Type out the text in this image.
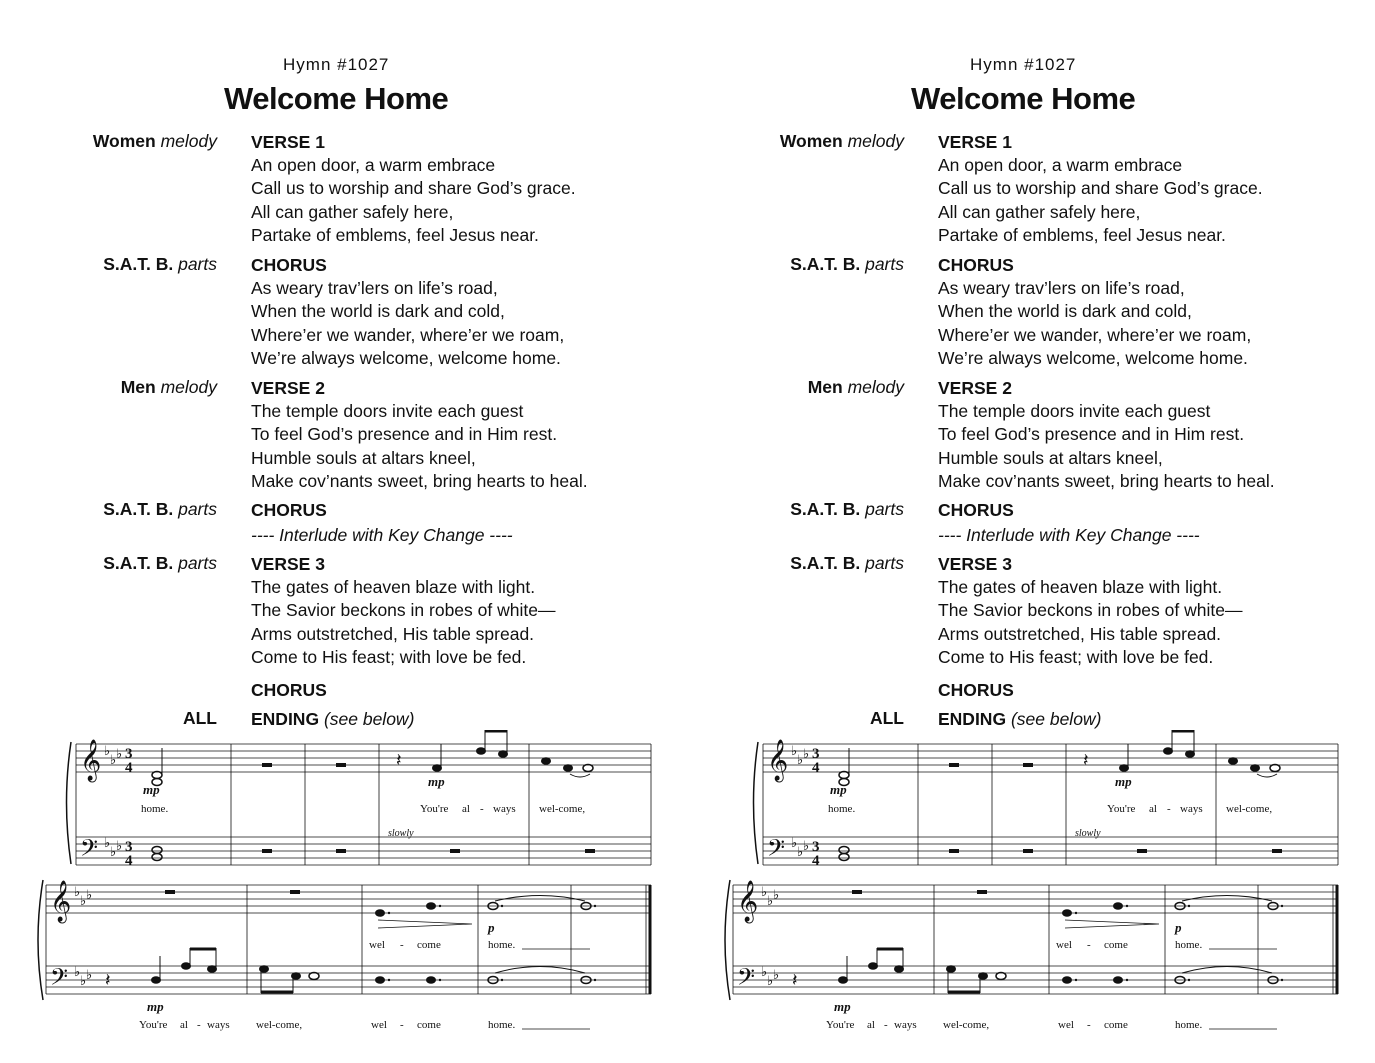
Hymn #1027
Welcome Home
Women melody VERSE 1
An open door, a warm embrace
Call us to worship and share God’s grace.
All can gather safely here,
Partake of emblems, feel Jesus near.
S.A.T. B. parts CHORUS
As weary trav’lers on life’s road,
When the world is dark and cold,
Where’er we wander, where’er we roam,
We’re always welcome, welcome home.
Men melody VERSE 2
The temple doors invite each guest
To feel God’s presence and in Him rest.
Humble souls at altars kneel,
Make cov’nants sweet, bring hearts to heal.
S.A.T. B. parts CHORUS
---- Interlude with Key Change ----
S.A.T. B. parts VERSE 3
The gates of heaven blaze with light.
The Savior beckons in robes of white—
Arms outstretched, His table spread.
Come to His feast; with love be fed.
CHORUS
ALL ENDING (see below)
𝄞
𝄢
♭
♭ ♭
♭
♭ ♭
3
4
3
4
𝄽
mp
mp
home.	You're al - ways wel-come,
slowly
𝄞
𝄢
♭
♭ ♭
♭
♭ ♭
p
wel - come	home.
𝄽
mp
You're al - ways wel-come,	wel - come	home.
Hymn #1027
Welcome Home
Women melody VERSE 1
An open door, a warm embrace
Call us to worship and share God’s grace.
All can gather safely here,
Partake of emblems, feel Jesus near.
S.A.T. B. parts CHORUS
As weary trav’lers on life’s road,
When the world is dark and cold,
Where’er we wander, where’er we roam,
We’re always welcome, welcome home.
Men melody VERSE 2
The temple doors invite each guest
To feel God’s presence and in Him rest.
Humble souls at altars kneel,
Make cov’nants sweet, bring hearts to heal.
S.A.T. B. parts CHORUS
---- Interlude with Key Change ----
S.A.T. B. parts VERSE 3
The gates of heaven blaze with light.
The Savior beckons in robes of white—
Arms outstretched, His table spread.
Come to His feast; with love be fed.
CHORUS
ALL ENDING (see below)
𝄞
𝄢
♭
♭ ♭
♭
♭ ♭
3
4
3
4
𝄽
mp
mp
home.	You're al - ways wel-come,
slowly
𝄞
𝄢
♭
♭ ♭
♭
♭ ♭
p
wel - come	home.
𝄽
mp
You're al - ways wel-come,	wel - come	home.
